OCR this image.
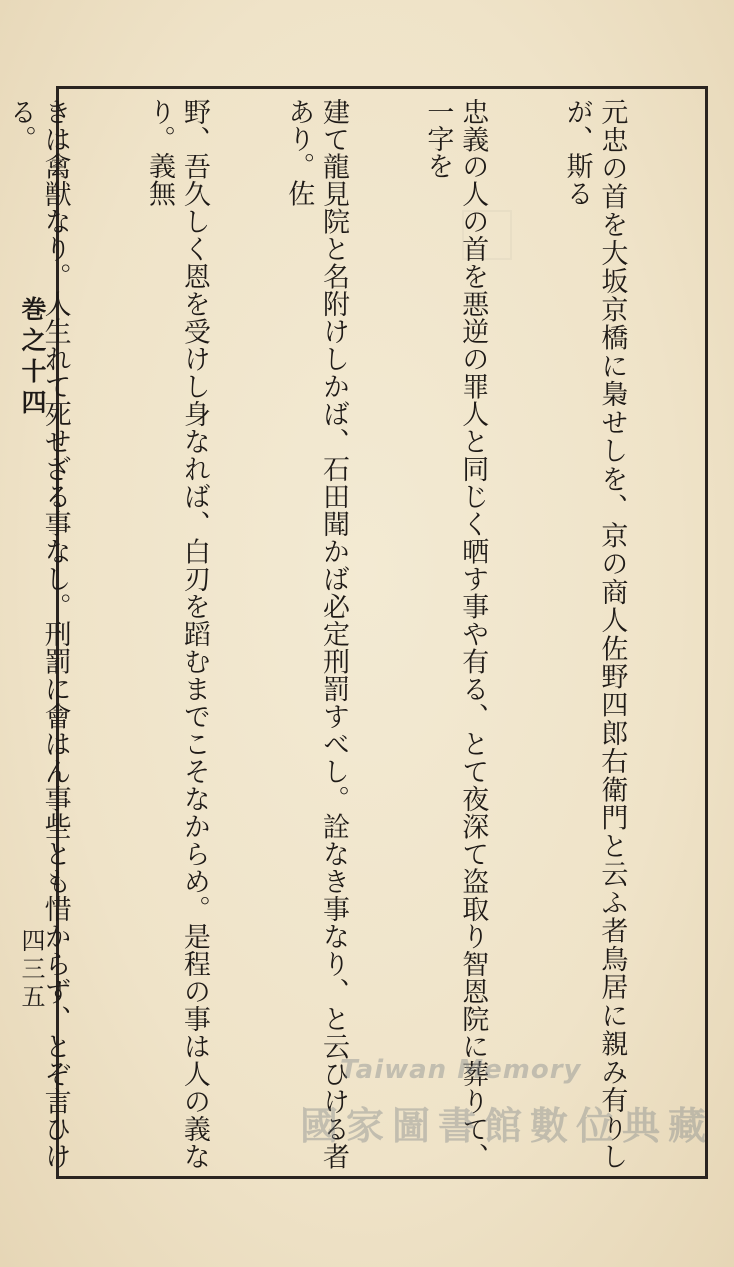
元忠の首を大坂京橋に梟せしを、京の商人佐野四郎右衛門と云ふ者鳥居に親み有りしが、斯る

忠義の人の首を悪逆の罪人と同じく晒す事や有る、とて夜深て盗取り智恩院に葬りて、一字を

建て龍見院と名附けしかば、石田聞かば必定刑罰すべし。詮なき事なり、と云ひける者あり。佐

野、吾久しく恩を受けし身なれば、白刃を蹈むまでこそなからめ。是程の事は人の義なり。義無

きは禽獣なり。人生れて死せざる事なし。刑罰に會はん事些とも惜からず、とぞ言ひける。

巻之十四
四三五
Taiwan Memory
國家圖書館數位典藏
